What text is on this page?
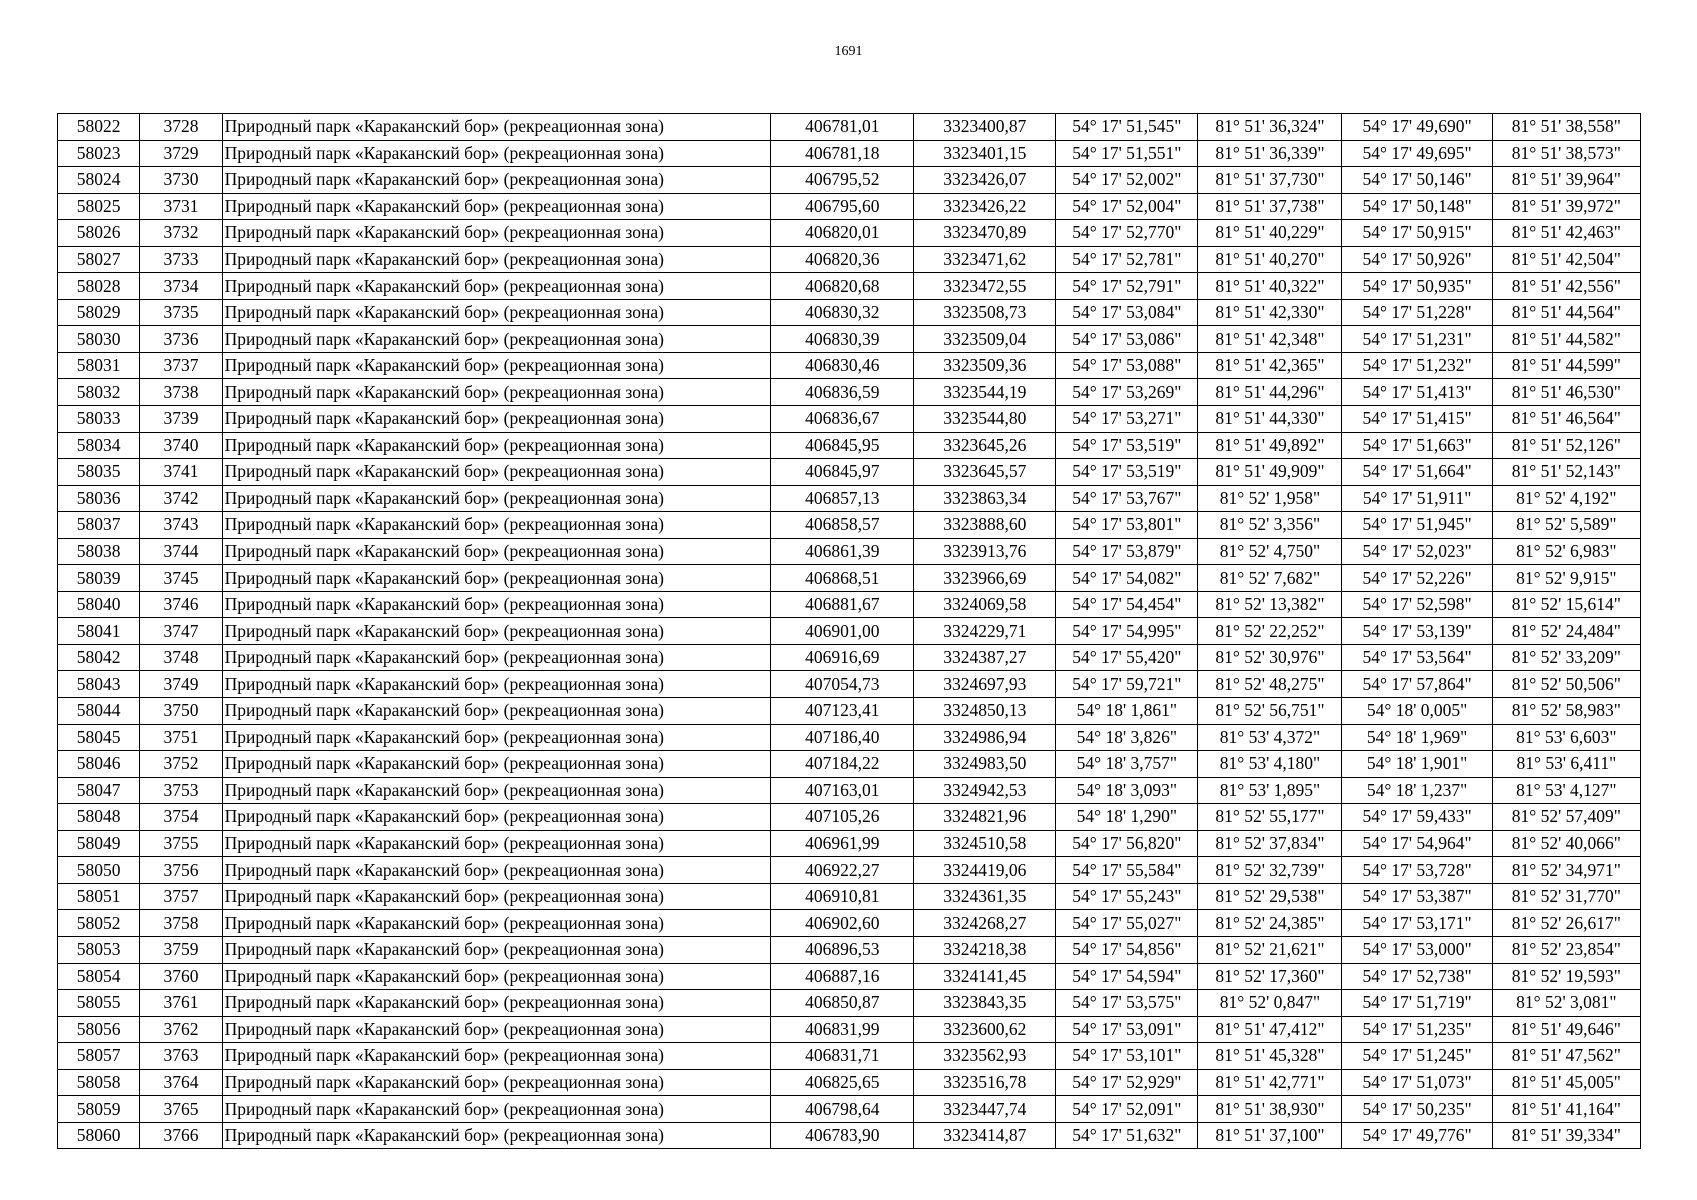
1691
58022	3728	Природный парк «Караканский бор» (рекреационная зона)	406781,01	3323400,87	54° 17' 51,545"	81° 51' 36,324"	54° 17' 49,690"	81° 51' 38,558"
58023	3729	Природный парк «Караканский бор» (рекреационная зона)	406781,18	3323401,15	54° 17' 51,551"	81° 51' 36,339"	54° 17' 49,695"	81° 51' 38,573"
58024	3730	Природный парк «Караканский бор» (рекреационная зона)	406795,52	3323426,07	54° 17' 52,002"	81° 51' 37,730"	54° 17' 50,146"	81° 51' 39,964"
58025	3731	Природный парк «Караканский бор» (рекреационная зона)	406795,60	3323426,22	54° 17' 52,004"	81° 51' 37,738"	54° 17' 50,148"	81° 51' 39,972"
58026	3732	Природный парк «Караканский бор» (рекреационная зона)	406820,01	3323470,89	54° 17' 52,770"	81° 51' 40,229"	54° 17' 50,915"	81° 51' 42,463"
58027	3733	Природный парк «Караканский бор» (рекреационная зона)	406820,36	3323471,62	54° 17' 52,781"	81° 51' 40,270"	54° 17' 50,926"	81° 51' 42,504"
58028	3734	Природный парк «Караканский бор» (рекреационная зона)	406820,68	3323472,55	54° 17' 52,791"	81° 51' 40,322"	54° 17' 50,935"	81° 51' 42,556"
58029	3735	Природный парк «Караканский бор» (рекреационная зона)	406830,32	3323508,73	54° 17' 53,084"	81° 51' 42,330"	54° 17' 51,228"	81° 51' 44,564"
58030	3736	Природный парк «Караканский бор» (рекреационная зона)	406830,39	3323509,04	54° 17' 53,086"	81° 51' 42,348"	54° 17' 51,231"	81° 51' 44,582"
58031	3737	Природный парк «Караканский бор» (рекреационная зона)	406830,46	3323509,36	54° 17' 53,088"	81° 51' 42,365"	54° 17' 51,232"	81° 51' 44,599"
58032	3738	Природный парк «Караканский бор» (рекреационная зона)	406836,59	3323544,19	54° 17' 53,269"	81° 51' 44,296"	54° 17' 51,413"	81° 51' 46,530"
58033	3739	Природный парк «Караканский бор» (рекреационная зона)	406836,67	3323544,80	54° 17' 53,271"	81° 51' 44,330"	54° 17' 51,415"	81° 51' 46,564"
58034	3740	Природный парк «Караканский бор» (рекреационная зона)	406845,95	3323645,26	54° 17' 53,519"	81° 51' 49,892"	54° 17' 51,663"	81° 51' 52,126"
58035	3741	Природный парк «Караканский бор» (рекреационная зона)	406845,97	3323645,57	54° 17' 53,519"	81° 51' 49,909"	54° 17' 51,664"	81° 51' 52,143"
58036	3742	Природный парк «Караканский бор» (рекреационная зона)	406857,13	3323863,34	54° 17' 53,767"	81° 52' 1,958"	54° 17' 51,911"	81° 52' 4,192"
58037	3743	Природный парк «Караканский бор» (рекреационная зона)	406858,57	3323888,60	54° 17' 53,801"	81° 52' 3,356"	54° 17' 51,945"	81° 52' 5,589"
58038	3744	Природный парк «Караканский бор» (рекреационная зона)	406861,39	3323913,76	54° 17' 53,879"	81° 52' 4,750"	54° 17' 52,023"	81° 52' 6,983"
58039	3745	Природный парк «Караканский бор» (рекреационная зона)	406868,51	3323966,69	54° 17' 54,082"	81° 52' 7,682"	54° 17' 52,226"	81° 52' 9,915"
58040	3746	Природный парк «Караканский бор» (рекреационная зона)	406881,67	3324069,58	54° 17' 54,454"	81° 52' 13,382"	54° 17' 52,598"	81° 52' 15,614"
58041	3747	Природный парк «Караканский бор» (рекреационная зона)	406901,00	3324229,71	54° 17' 54,995"	81° 52' 22,252"	54° 17' 53,139"	81° 52' 24,484"
58042	3748	Природный парк «Караканский бор» (рекреационная зона)	406916,69	3324387,27	54° 17' 55,420"	81° 52' 30,976"	54° 17' 53,564"	81° 52' 33,209"
58043	3749	Природный парк «Караканский бор» (рекреационная зона)	407054,73	3324697,93	54° 17' 59,721"	81° 52' 48,275"	54° 17' 57,864"	81° 52' 50,506"
58044	3750	Природный парк «Караканский бор» (рекреационная зона)	407123,41	3324850,13	54° 18' 1,861"	81° 52' 56,751"	54° 18' 0,005"	81° 52' 58,983"
58045	3751	Природный парк «Караканский бор» (рекреационная зона)	407186,40	3324986,94	54° 18' 3,826"	81° 53' 4,372"	54° 18' 1,969"	81° 53' 6,603"
58046	3752	Природный парк «Караканский бор» (рекреационная зона)	407184,22	3324983,50	54° 18' 3,757"	81° 53' 4,180"	54° 18' 1,901"	81° 53' 6,411"
58047	3753	Природный парк «Караканский бор» (рекреационная зона)	407163,01	3324942,53	54° 18' 3,093"	81° 53' 1,895"	54° 18' 1,237"	81° 53' 4,127"
58048	3754	Природный парк «Караканский бор» (рекреационная зона)	407105,26	3324821,96	54° 18' 1,290"	81° 52' 55,177"	54° 17' 59,433"	81° 52' 57,409"
58049	3755	Природный парк «Караканский бор» (рекреационная зона)	406961,99	3324510,58	54° 17' 56,820"	81° 52' 37,834"	54° 17' 54,964"	81° 52' 40,066"
58050	3756	Природный парк «Караканский бор» (рекреационная зона)	406922,27	3324419,06	54° 17' 55,584"	81° 52' 32,739"	54° 17' 53,728"	81° 52' 34,971"
58051	3757	Природный парк «Караканский бор» (рекреационная зона)	406910,81	3324361,35	54° 17' 55,243"	81° 52' 29,538"	54° 17' 53,387"	81° 52' 31,770"
58052	3758	Природный парк «Караканский бор» (рекреационная зона)	406902,60	3324268,27	54° 17' 55,027"	81° 52' 24,385"	54° 17' 53,171"	81° 52' 26,617"
58053	3759	Природный парк «Караканский бор» (рекреационная зона)	406896,53	3324218,38	54° 17' 54,856"	81° 52' 21,621"	54° 17' 53,000"	81° 52' 23,854"
58054	3760	Природный парк «Караканский бор» (рекреационная зона)	406887,16	3324141,45	54° 17' 54,594"	81° 52' 17,360"	54° 17' 52,738"	81° 52' 19,593"
58055	3761	Природный парк «Караканский бор» (рекреационная зона)	406850,87	3323843,35	54° 17' 53,575"	81° 52' 0,847"	54° 17' 51,719"	81° 52' 3,081"
58056	3762	Природный парк «Караканский бор» (рекреационная зона)	406831,99	3323600,62	54° 17' 53,091"	81° 51' 47,412"	54° 17' 51,235"	81° 51' 49,646"
58057	3763	Природный парк «Караканский бор» (рекреационная зона)	406831,71	3323562,93	54° 17' 53,101"	81° 51' 45,328"	54° 17' 51,245"	81° 51' 47,562"
58058	3764	Природный парк «Караканский бор» (рекреационная зона)	406825,65	3323516,78	54° 17' 52,929"	81° 51' 42,771"	54° 17' 51,073"	81° 51' 45,005"
58059	3765	Природный парк «Караканский бор» (рекреационная зона)	406798,64	3323447,74	54° 17' 52,091"	81° 51' 38,930"	54° 17' 50,235"	81° 51' 41,164"
58060	3766	Природный парк «Караканский бор» (рекреационная зона)	406783,90	3323414,87	54° 17' 51,632"	81° 51' 37,100"	54° 17' 49,776"	81° 51' 39,334"
